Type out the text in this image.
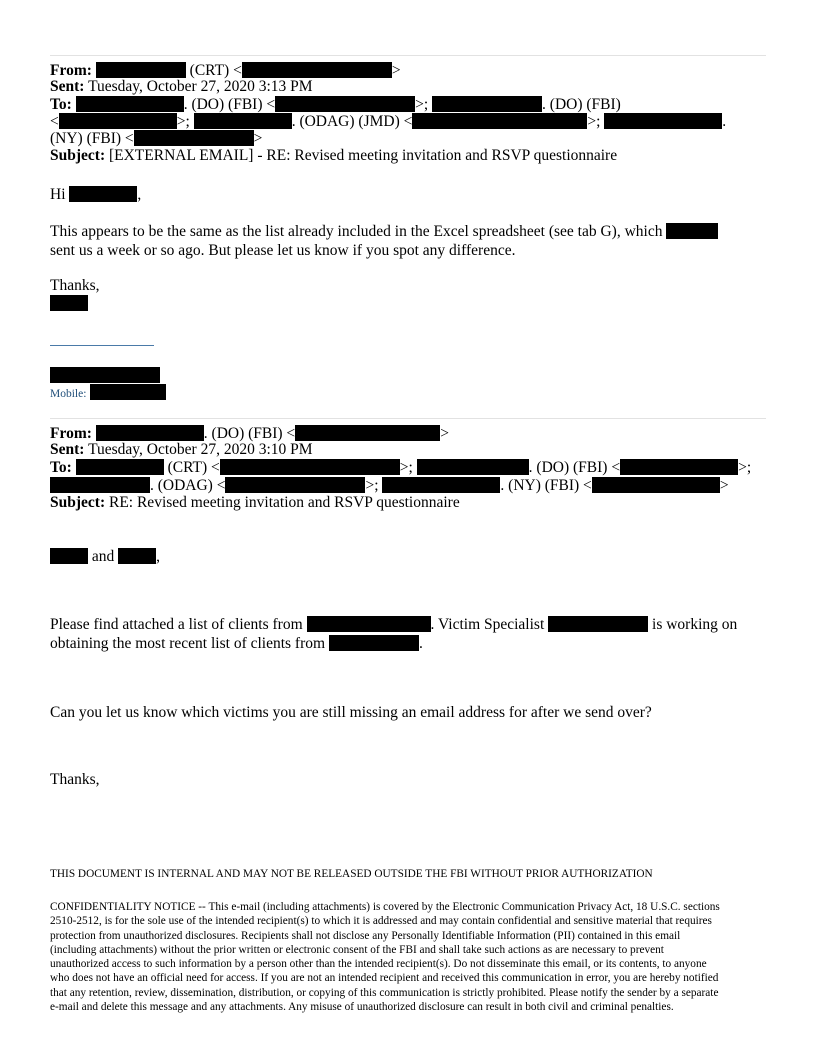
From:	(CRT) <	>
Sent: Tuesday, October 27, 2020 3:13 PM
To:	. (DO) (FBI) <	>;	. (DO) (FBI)
<	>;	. (ODAG) (JMD) <	>;	.
(NY) (FBI) <	>
Subject: [EXTERNAL EMAIL] - RE: Revised meeting invitation and RSVP questionnaire
Hi	,
This appears to be the same as the list already included in the Excel spreadsheet (see tab G), which
sent us a week or so ago. But please let us know if you spot any difference.
Thanks,
Mobile:
From:	. (DO) (FBI) <	>
Sent: Tuesday, October 27, 2020 3:10 PM
To:	(CRT) <	>;	. (DO) (FBI) <	>;
. (ODAG) <	>;	. (NY) (FBI) <	>
Subject: RE: Revised meeting invitation and RSVP questionnaire
and	,
Please find attached a list of clients from	. Victim Specialist	is working on
obtaining the most recent list of clients from	.
Can you let us know which victims you are still missing an email address for after we send over?
Thanks,
THIS DOCUMENT IS INTERNAL AND MAY NOT BE RELEASED OUTSIDE THE FBI WITHOUT PRIOR AUTHORIZATION
CONFIDENTIALITY NOTICE -- This e-mail (including attachments) is covered by the Electronic Communication Privacy Act, 18 U.S.C. sections
2510-2512, is for the sole use of the intended recipient(s) to which it is addressed and may contain confidential and sensitive material that requires
protection from unauthorized disclosures. Recipients shall not disclose any Personally Identifiable Information (PII) contained in this email
(including attachments) without the prior written or electronic consent of the FBI and shall take such actions as are necessary to prevent
unauthorized access to such information by a person other than the intended recipient(s). Do not disseminate this email, or its contents, to anyone
who does not have an official need for access. If you are not an intended recipient and received this communication in error, you are hereby notified
that any retention, review, dissemination, distribution, or copying of this communication is strictly prohibited. Please notify the sender by a separate
e-mail and delete this message and any attachments. Any misuse of unauthorized disclosure can result in both civil and criminal penalties.
